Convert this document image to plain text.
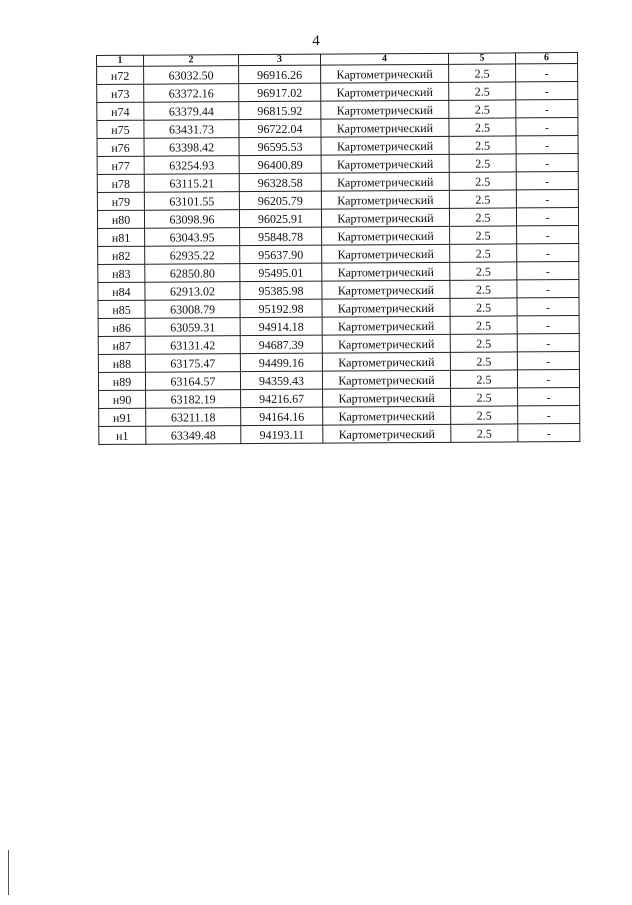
4
1	2	3	4	5	6
н72	63032.50	96916.26	Картометрический	2.5	-
н73	63372.16	96917.02	Картометрический	2.5	-
н74	63379.44	96815.92	Картометрический	2.5	-
н75	63431.73	96722.04	Картометрический	2.5	-
н76	63398.42	96595.53	Картометрический	2.5	-
н77	63254.93	96400.89	Картометрический	2.5	-
н78	63115.21	96328.58	Картометрический	2.5	-
н79	63101.55	96205.79	Картометрический	2.5	-
н80	63098.96	96025.91	Картометрический	2.5	-
н81	63043.95	95848.78	Картометрический	2.5	-
н82	62935.22	95637.90	Картометрический	2.5	-
н83	62850.80	95495.01	Картометрический	2.5	-
н84	62913.02	95385.98	Картометрический	2.5	-
н85	63008.79	95192.98	Картометрический	2.5	-
н86	63059.31	94914.18	Картометрический	2.5	-
н87	63131.42	94687.39	Картометрический	2.5	-
н88	63175.47	94499.16	Картометрический	2.5	-
н89	63164.57	94359.43	Картометрический	2.5	-
н90	63182.19	94216.67	Картометрический	2.5	-
н91	63211.18	94164.16	Картометрический	2.5	-
н1	63349.48	94193.11	Картометрический	2.5	-
